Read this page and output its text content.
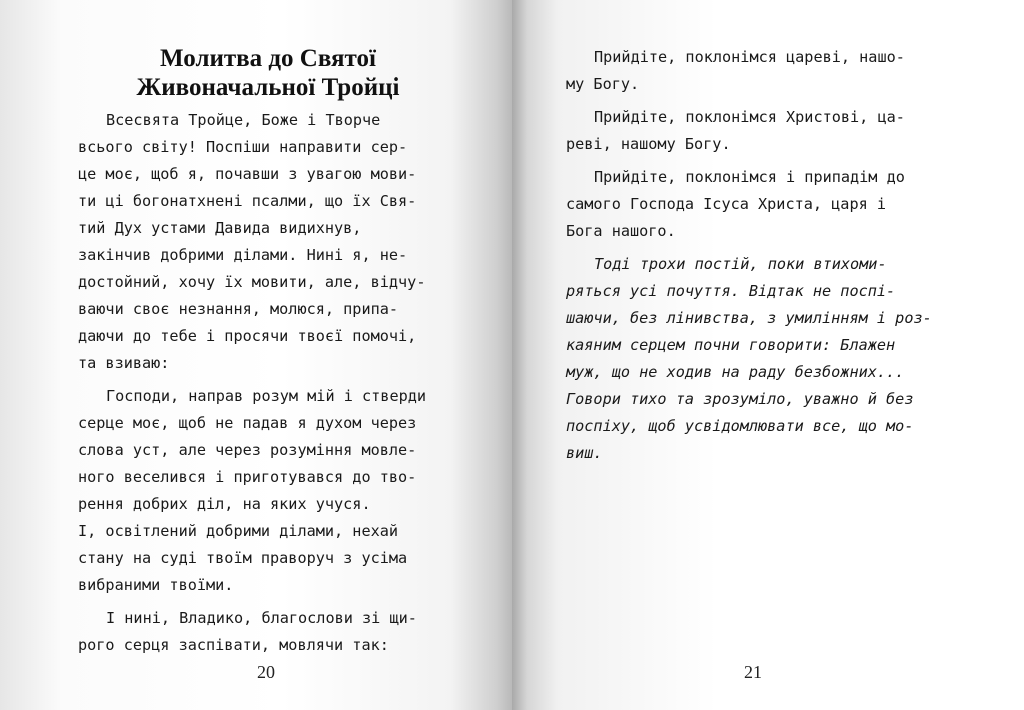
Молитва до Святої
Живоначальної Тройці

Всесвята Тройце, Боже і Творче
всього світу! Поспіши направити сер-
це моє, щоб я, почавши з увагою мови-
ти ці богонатхнені псалми, що їх Свя-
тий Дух устами Давида видихнув,
закінчив добрими ділами. Нині я, не-
достойний, хочу їх мовити, але, відчу-
ваючи своє незнання, молюся, припа-
даючи до тебе і просячи твоєї помочі,
та взиваю:

Господи, направ розум мій і стверди
серце моє, щоб не падав я духом через
слова уст, але через розуміння мовле-
ного веселився і приготувався до тво-
рення добрих діл, на яких учуся.
І, освітлений добрими ділами, нехай
стану на суді твоїм праворуч з усіма
вибраними твоїми.

І нині, Владико, благослови зі щи-
рого серця заспівати, мовлячи так:

20

Прийдіте, поклонімся цареві, нашо-
му Богу.

Прийдіте, поклонімся Христові, ца-
реві, нашому Богу.

Прийдіте, поклонімся і припадім до
самого Господа Ісуса Христа, царя і
Бога нашого.

Тоді трохи постій, поки втихоми-
ряться усі почуття. Відтак не поспі-
шаючи, без лінивства, з умилінням і роз-
каяним серцем почни говорити: Блажен
муж, що не ходив на раду безбожних...
Говори тихо та зрозуміло, уважно й без
поспіху, щоб усвідомлювати все, що мо-
виш.

21
